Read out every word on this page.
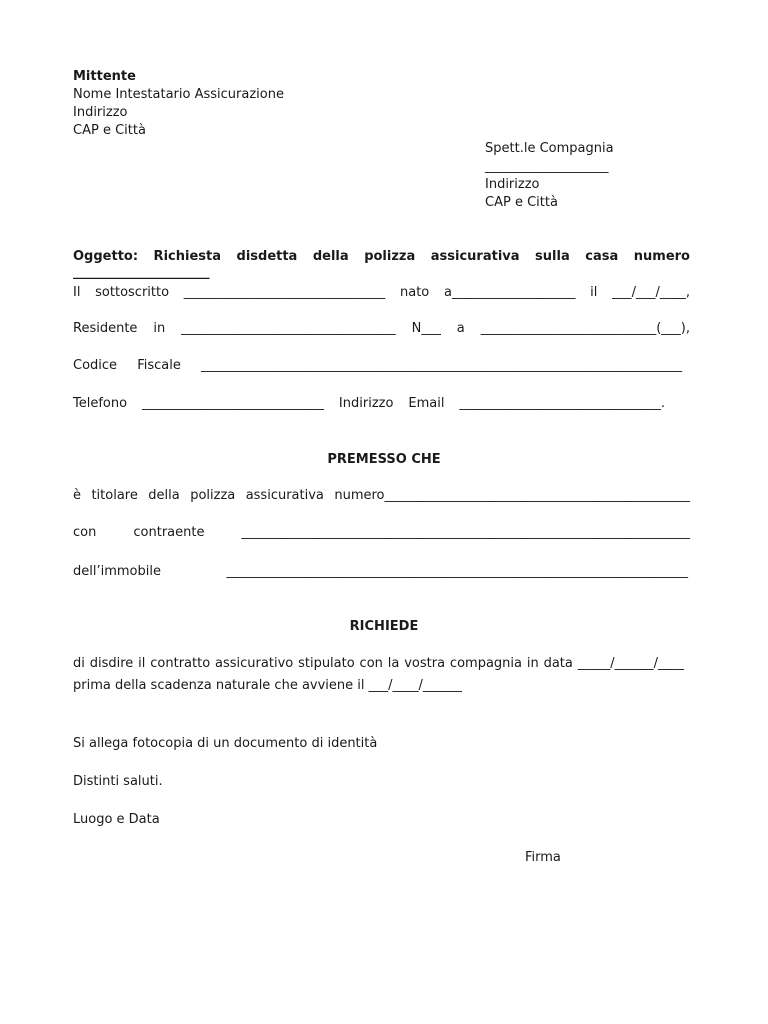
Mittente
Nome Intestatario Assicurazione
Indirizzo
CAP e Città
Spett.le Compagnia
___________________
Indirizzo
CAP e Città
Oggetto: Richiesta disdetta della polizza assicurativa sulla casa numero _____________________
Il sottoscritto _______________________________ nato a___________________ il ___/___/____,
Residente in _________________________________ N___ a ___________________________(___),
Codice Fiscale __________________________________________________________________________
Telefono ____________________________ Indirizzo Email _______________________________.
PREMESSO CHE
è titolare della polizza assicurativa numero_______________________________________________
con contraente _____________________________________________________________________
dell’immobile _______________________________________________________________________
RICHIEDE
di disdire il contratto assicurativo stipulato con la vostra compagnia in data _____/______/____
prima della scadenza naturale che avviene il ___/____/______
Si allega fotocopia di un documento di identità
Distinti saluti.
Luogo e Data
Firma
